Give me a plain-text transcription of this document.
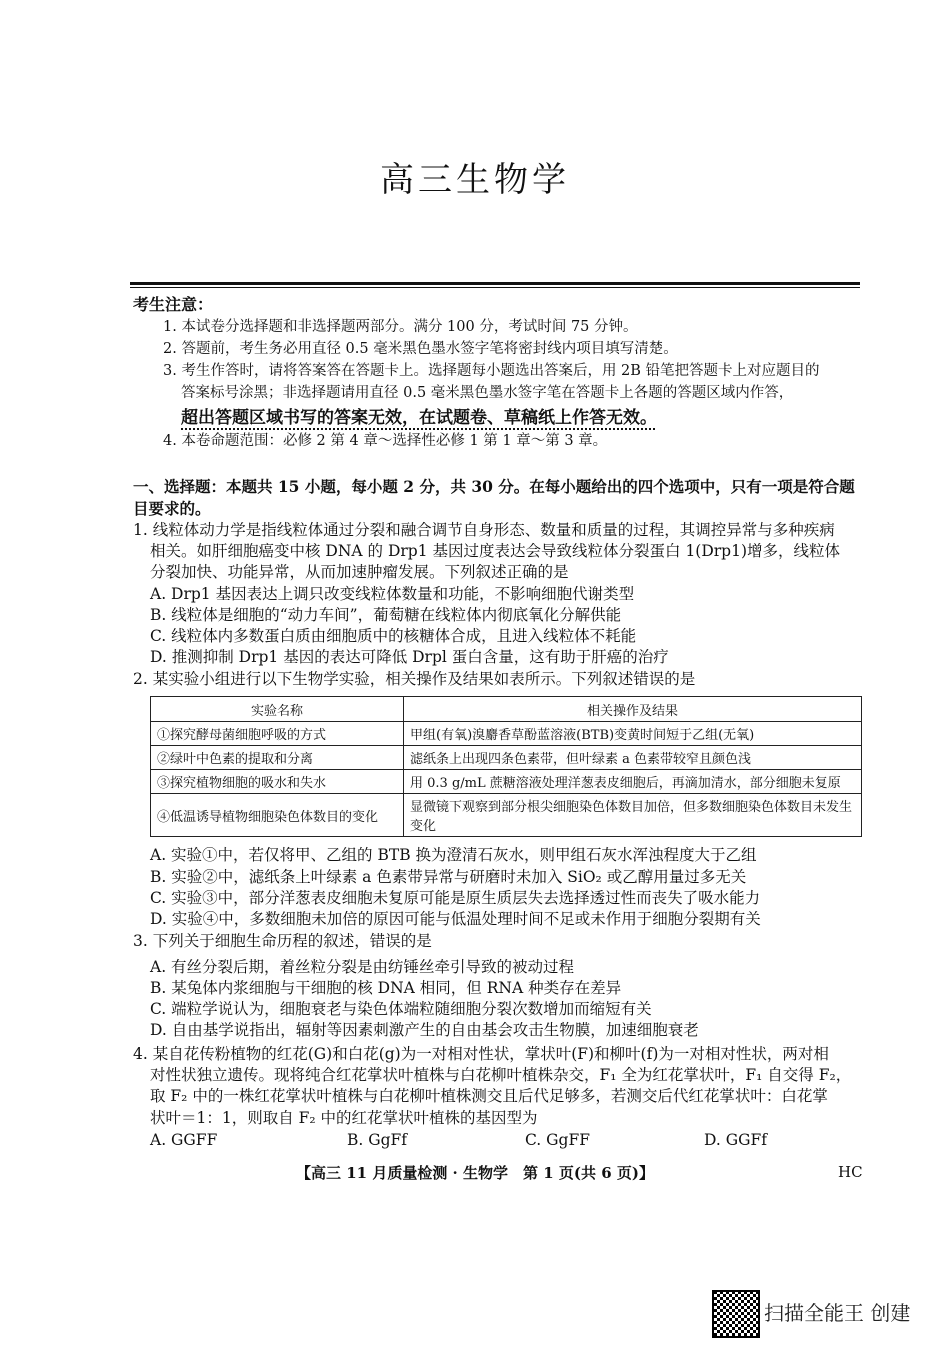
高三生物学
考生注意：
1. 本试卷分选择题和非选择题两部分。满分 100 分，考试时间 75 分钟。
2. 答题前，考生务必用直径 0.5 毫米黑色墨水签字笔将密封线内项目填写清楚。
3. 考生作答时，请将答案答在答题卡上。选择题每小题选出答案后，用 2B 铅笔把答题卡上对应题目的
答案标号涂黑；非选择题请用直径 0.5 毫米黑色墨水签字笔在答题卡上各题的答题区域内作答，
超出答题区域书写的答案无效，在试题卷、草稿纸上作答无效。
4. 本卷命题范围：必修 2 第 4 章～选择性必修 1 第 1 章～第 3 章。
一、选择题：本题共 15 小题，每小题 2 分，共 30 分。在每小题给出的四个选项中，只有一项是符合题目要求的。
1. 线粒体动力学是指线粒体通过分裂和融合调节自身形态、数量和质量的过程，其调控异常与多种疾病
相关。如肝细胞癌变中核 DNA 的 Drp1 基因过度表达会导致线粒体分裂蛋白 1(Drp1)增多，线粒体
分裂加快、功能异常，从而加速肿瘤发展。下列叙述正确的是
A. Drp1 基因表达上调只改变线粒体数量和功能，不影响细胞代谢类型
B. 线粒体是细胞的“动力车间”，葡萄糖在线粒体内彻底氧化分解供能
C. 线粒体内多数蛋白质由细胞质中的核糖体合成，且进入线粒体不耗能
D. 推测抑制 Drp1 基因的表达可降低 Drpl 蛋白含量，这有助于肝癌的治疗
2. 某实验小组进行以下生物学实验，相关操作及结果如表所示。下列叙述错误的是
实验名称	相关操作及结果
①探究酵母菌细胞呼吸的方式	甲组(有氧)溴麝香草酚蓝溶液(BTB)变黄时间短于乙组(无氧)
②绿叶中色素的提取和分离	滤纸条上出现四条色素带，但叶绿素 a 色素带较窄且颜色浅
③探究植物细胞的吸水和失水	用 0.3 g/mL 蔗糖溶液处理洋葱表皮细胞后，再滴加清水，部分细胞未复原
④低温诱导植物细胞染色体数目的变化	显微镜下观察到部分根尖细胞染色体数目加倍，但多数细胞染色体数目未发生变化
A. 实验①中，若仅将甲、乙组的 BTB 换为澄清石灰水，则甲组石灰水浑浊程度大于乙组
B. 实验②中，滤纸条上叶绿素 a 色素带异常与研磨时未加入 SiO₂ 或乙醇用量过多无关
C. 实验③中，部分洋葱表皮细胞未复原可能是原生质层失去选择透过性而丧失了吸水能力
D. 实验④中，多数细胞未加倍的原因可能与低温处理时间不足或未作用于细胞分裂期有关
3. 下列关于细胞生命历程的叙述，错误的是
A. 有丝分裂后期，着丝粒分裂是由纺锤丝牵引导致的被动过程
B. 某兔体内浆细胞与干细胞的核 DNA 相同，但 RNA 种类存在差异
C. 端粒学说认为，细胞衰老与染色体端粒随细胞分裂次数增加而缩短有关
D. 自由基学说指出，辐射等因素刺激产生的自由基会攻击生物膜，加速细胞衰老
4. 某自花传粉植物的红花(G)和白花(g)为一对相对性状，掌状叶(F)和柳叶(f)为一对相对性状，两对相
对性状独立遗传。现将纯合红花掌状叶植株与白花柳叶植株杂交，F₁ 全为红花掌状叶，F₁ 自交得 F₂，
取 F₂ 中的一株红花掌状叶植株与白花柳叶植株测交且后代足够多，若测交后代红花掌状叶：白花掌
状叶＝1：1，则取自 F₂ 中的红花掌状叶植株的基因型为
A. GGFF	B. GgFf	C. GgFF	D. GGFf
【高三 11 月质量检测 · 生物学　第 1 页(共 6 页)】	HC
扫描全能王 创建
